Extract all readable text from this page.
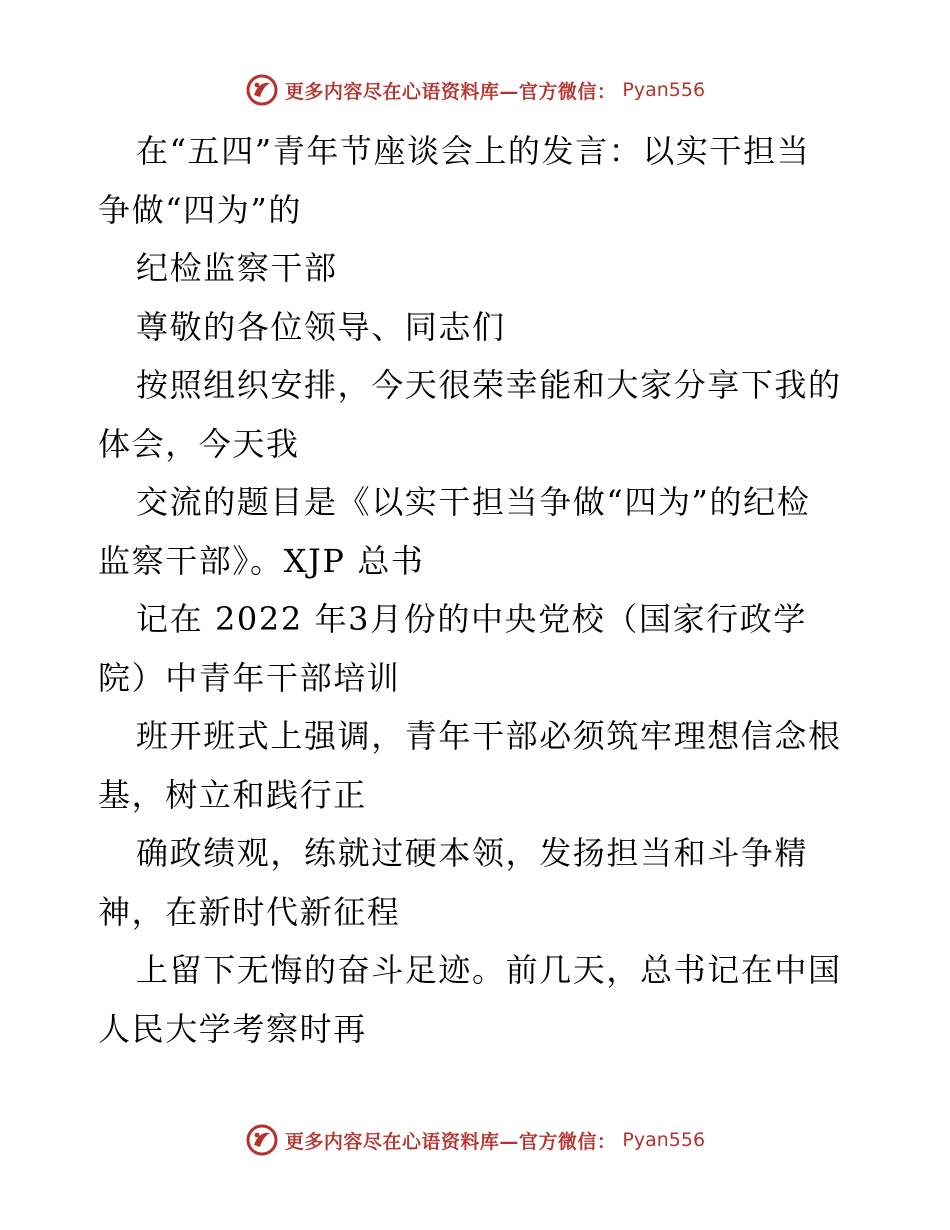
更多内容尽在心语资料库—官方微信： Pyan556
在“五四”青年节座谈会上的发言：以实干担当
争做“四为”的
纪检监察干部
尊敬的各位领导、同志们
按照组织安排，今天很荣幸能和大家分享下我的
体会，今天我
交流的题目是《以实干担当争做“四为”的纪检
监察干部》。XJP 总书
记在 2022 年3月份的中央党校（国家行政学
院）中青年干部培训
班开班式上强调，青年干部必须筑牢理想信念根
基，树立和践行正
确政绩观，练就过硬本领，发扬担当和斗争精
神，在新时代新征程
上留下无悔的奋斗足迹。前几天，总书记在中国
人民大学考察时再
更多内容尽在心语资料库—官方微信： Pyan556
